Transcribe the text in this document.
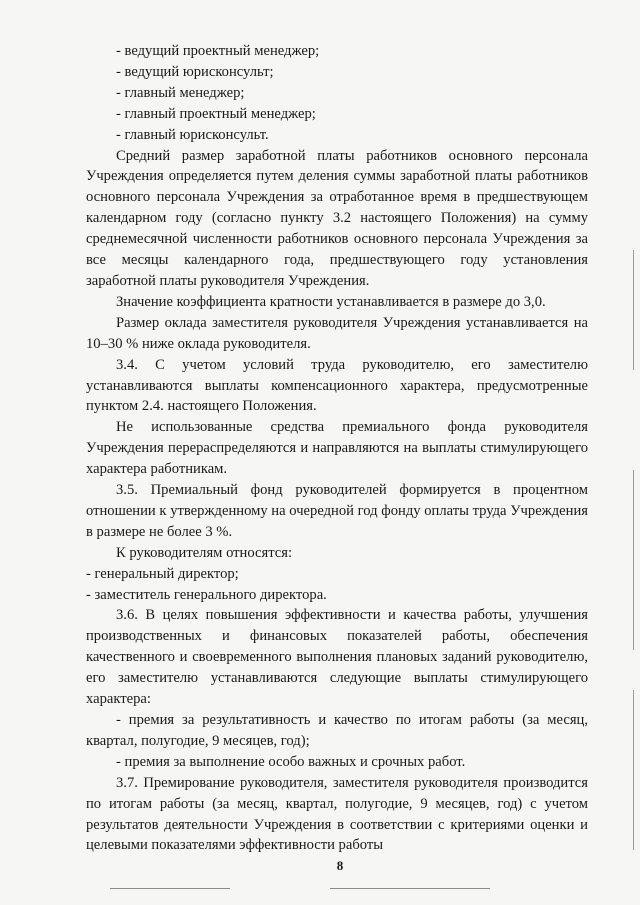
- ведущий проектный менеджер;

- ведущий юрисконсульт;

- главный менеджер;

- главный проектный менеджер;

- главный юрисконсульт.

Средний размер заработной платы работников основного персонала Учреждения определяется путем деления суммы заработной платы работников основного персонала Учреждения за отработанное время в предшествующем календарном году (согласно пункту 3.2 настоящего Положения) на сумму среднемесячной численности работников основного персонала Учреждения за все месяцы календарного года, предшествующего году установления заработной платы руководителя Учреждения.

Значение коэффициента кратности устанавливается в размере до 3,0.

Размер оклада заместителя руководителя Учреждения устанавливается на 10–30 % ниже оклада руководителя.

3.4. С учетом условий труда руководителю, его заместителю устанавливаются выплаты компенсационного характера, предусмотренные пунктом 2.4. настоящего Положения.

Не использованные средства премиального фонда руководителя Учреждения перераспределяются и направляются на выплаты стимулирующего характера работникам.

3.5. Премиальный фонд руководителей формируется в процентном отношении к утвержденному на очередной год фонду оплаты труда Учреждения в размере не более 3 %.

К руководителям относятся:

- генеральный директор;

- заместитель генерального директора.

3.6. В целях повышения эффективности и качества работы, улучшения производственных и финансовых показателей работы, обеспечения качественного и своевременного выполнения плановых заданий руководителю, его заместителю устанавливаются следующие выплаты стимулирующего характера:

- премия за результативность и качество по итогам работы (за месяц, квартал, полугодие, 9 месяцев, год);

- премия за выполнение особо важных и срочных работ.

3.7. Премирование руководителя, заместителя руководителя производится по итогам работы (за месяц, квартал, полугодие, 9 месяцев, год) с учетом результатов деятельности Учреждения в соответствии с критериями оценки и целевыми показателями эффективности работы

8
